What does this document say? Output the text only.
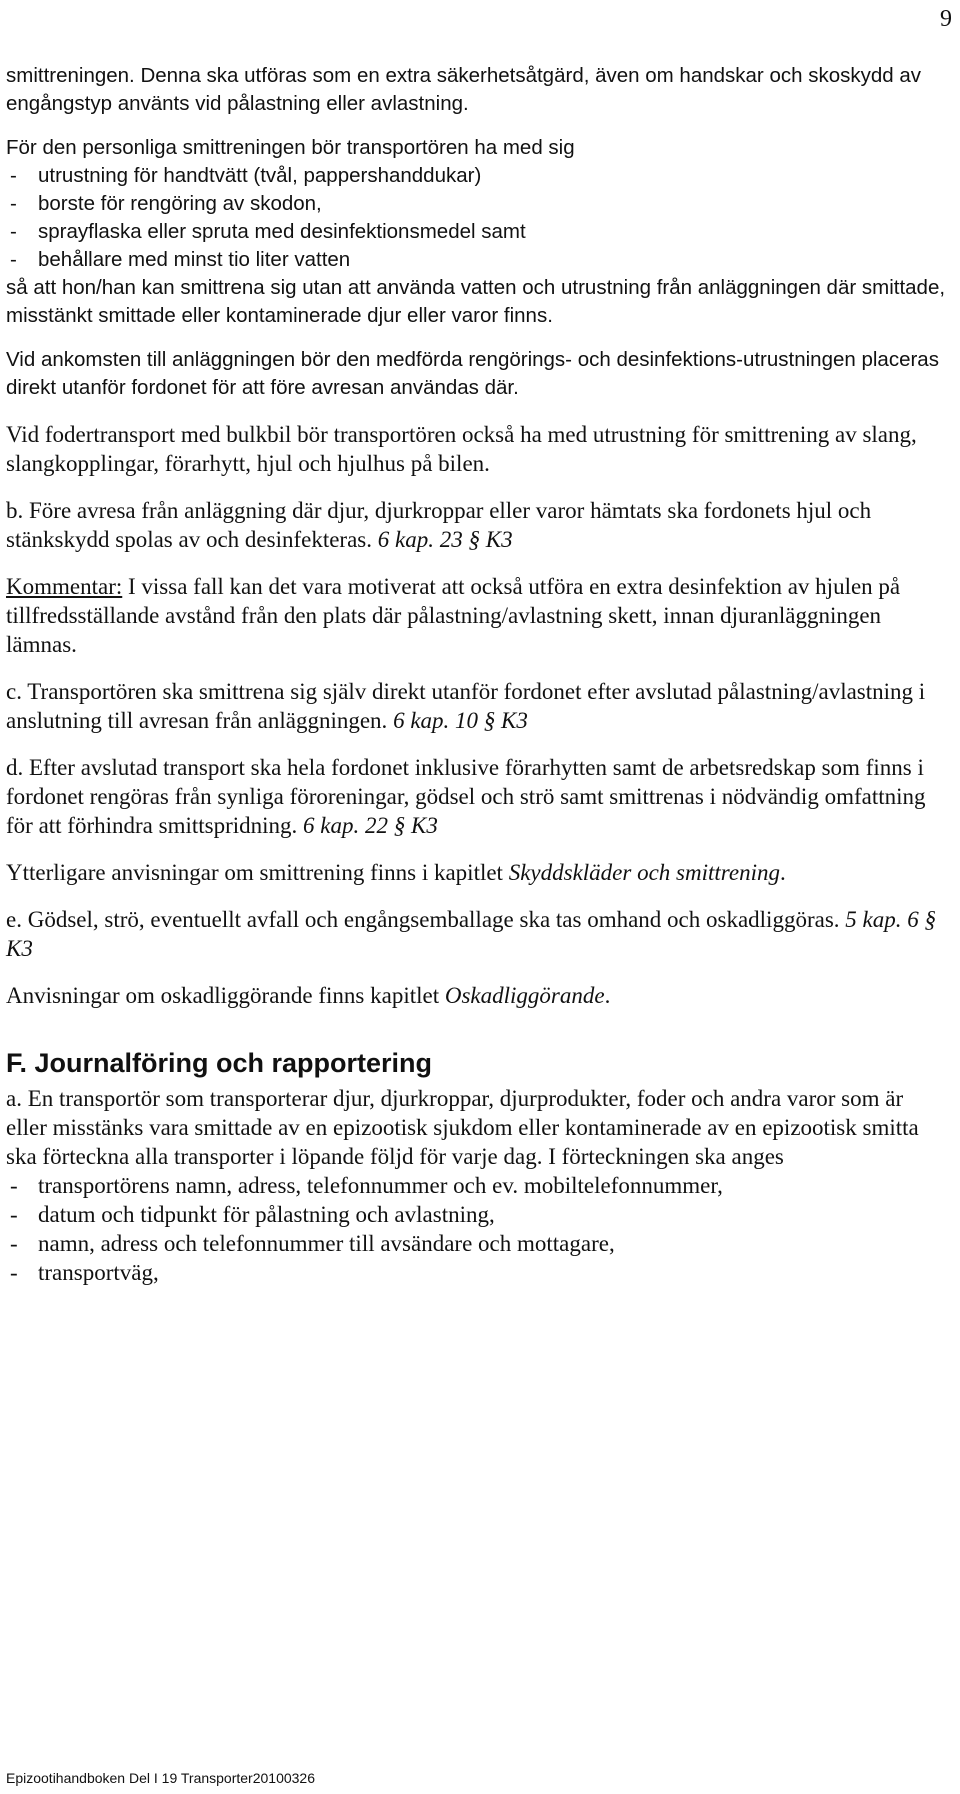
9

smittreningen. Denna ska utföras som en extra säkerhetsåtgärd, även om handskar och skoskydd av engångstyp använts vid pålastning eller avlastning.

För den personliga smittreningen bör transportören ha med sig

-	utrustning för handtvätt (tvål, pappershanddukar)
-	borste för rengöring av skodon,
-	sprayflaska eller spruta med desinfektionsmedel samt
-	behållare med minst tio liter vatten

så att hon/han kan smittrena sig utan att använda vatten och utrustning från anläggningen där smittade, misstänkt smittade eller kontaminerade djur eller varor finns.

Vid ankomsten till anläggningen bör den medförda rengörings- och desinfektions-utrustningen placeras direkt utanför fordonet för att före avresan användas där.

Vid fodertransport med bulkbil bör transportören också ha med utrustning för smittrening av slang, slangkopplingar, förarhytt, hjul och hjulhus på bilen.

b. Före avresa från anläggning där djur, djurkroppar eller varor hämtats ska fordonets hjul och stänkskydd spolas av och desinfekteras. 6 kap. 23 § K3

Kommentar: I vissa fall kan det vara motiverat att också utföra en extra desinfektion av hjulen på tillfredsställande avstånd från den plats där pålastning/avlastning skett, innan djuranläggningen lämnas.

c. Transportören ska smittrena sig själv direkt utanför fordonet efter avslutad pålastning/avlastning i anslutning till avresan från anläggningen. 6 kap. 10 § K3

d. Efter avslutad transport ska hela fordonet inklusive förarhytten samt de arbetsredskap som finns i fordonet rengöras från synliga föroreningar, gödsel och strö samt smittrenas i nödvändig omfattning för att förhindra smittspridning. 6 kap. 22 § K3

Ytterligare anvisningar om smittrening finns i kapitlet Skyddskläder och smittrening.

e. Gödsel, strö, eventuellt avfall och engångsemballage ska tas omhand och oskadliggöras. 5 kap. 6 § K3

Anvisningar om oskadliggörande finns kapitlet Oskadliggörande.

F. Journalföring och rapportering

a. En transportör som transporterar djur, djurkroppar, djurprodukter, foder och andra varor som är eller misstänks vara smittade av en epizootisk sjukdom eller kontaminerade av en epizootisk smitta ska förteckna alla transporter i löpande följd för varje dag. I förteckningen ska anges

- transportörens namn, adress, telefonnummer och ev. mobiltelefonnummer,
- datum och tidpunkt för pålastning och avlastning,
- namn, adress och telefonnummer till avsändare och mottagare,
- transportväg,
Epizootihandboken Del I 19 Transporter20100326
